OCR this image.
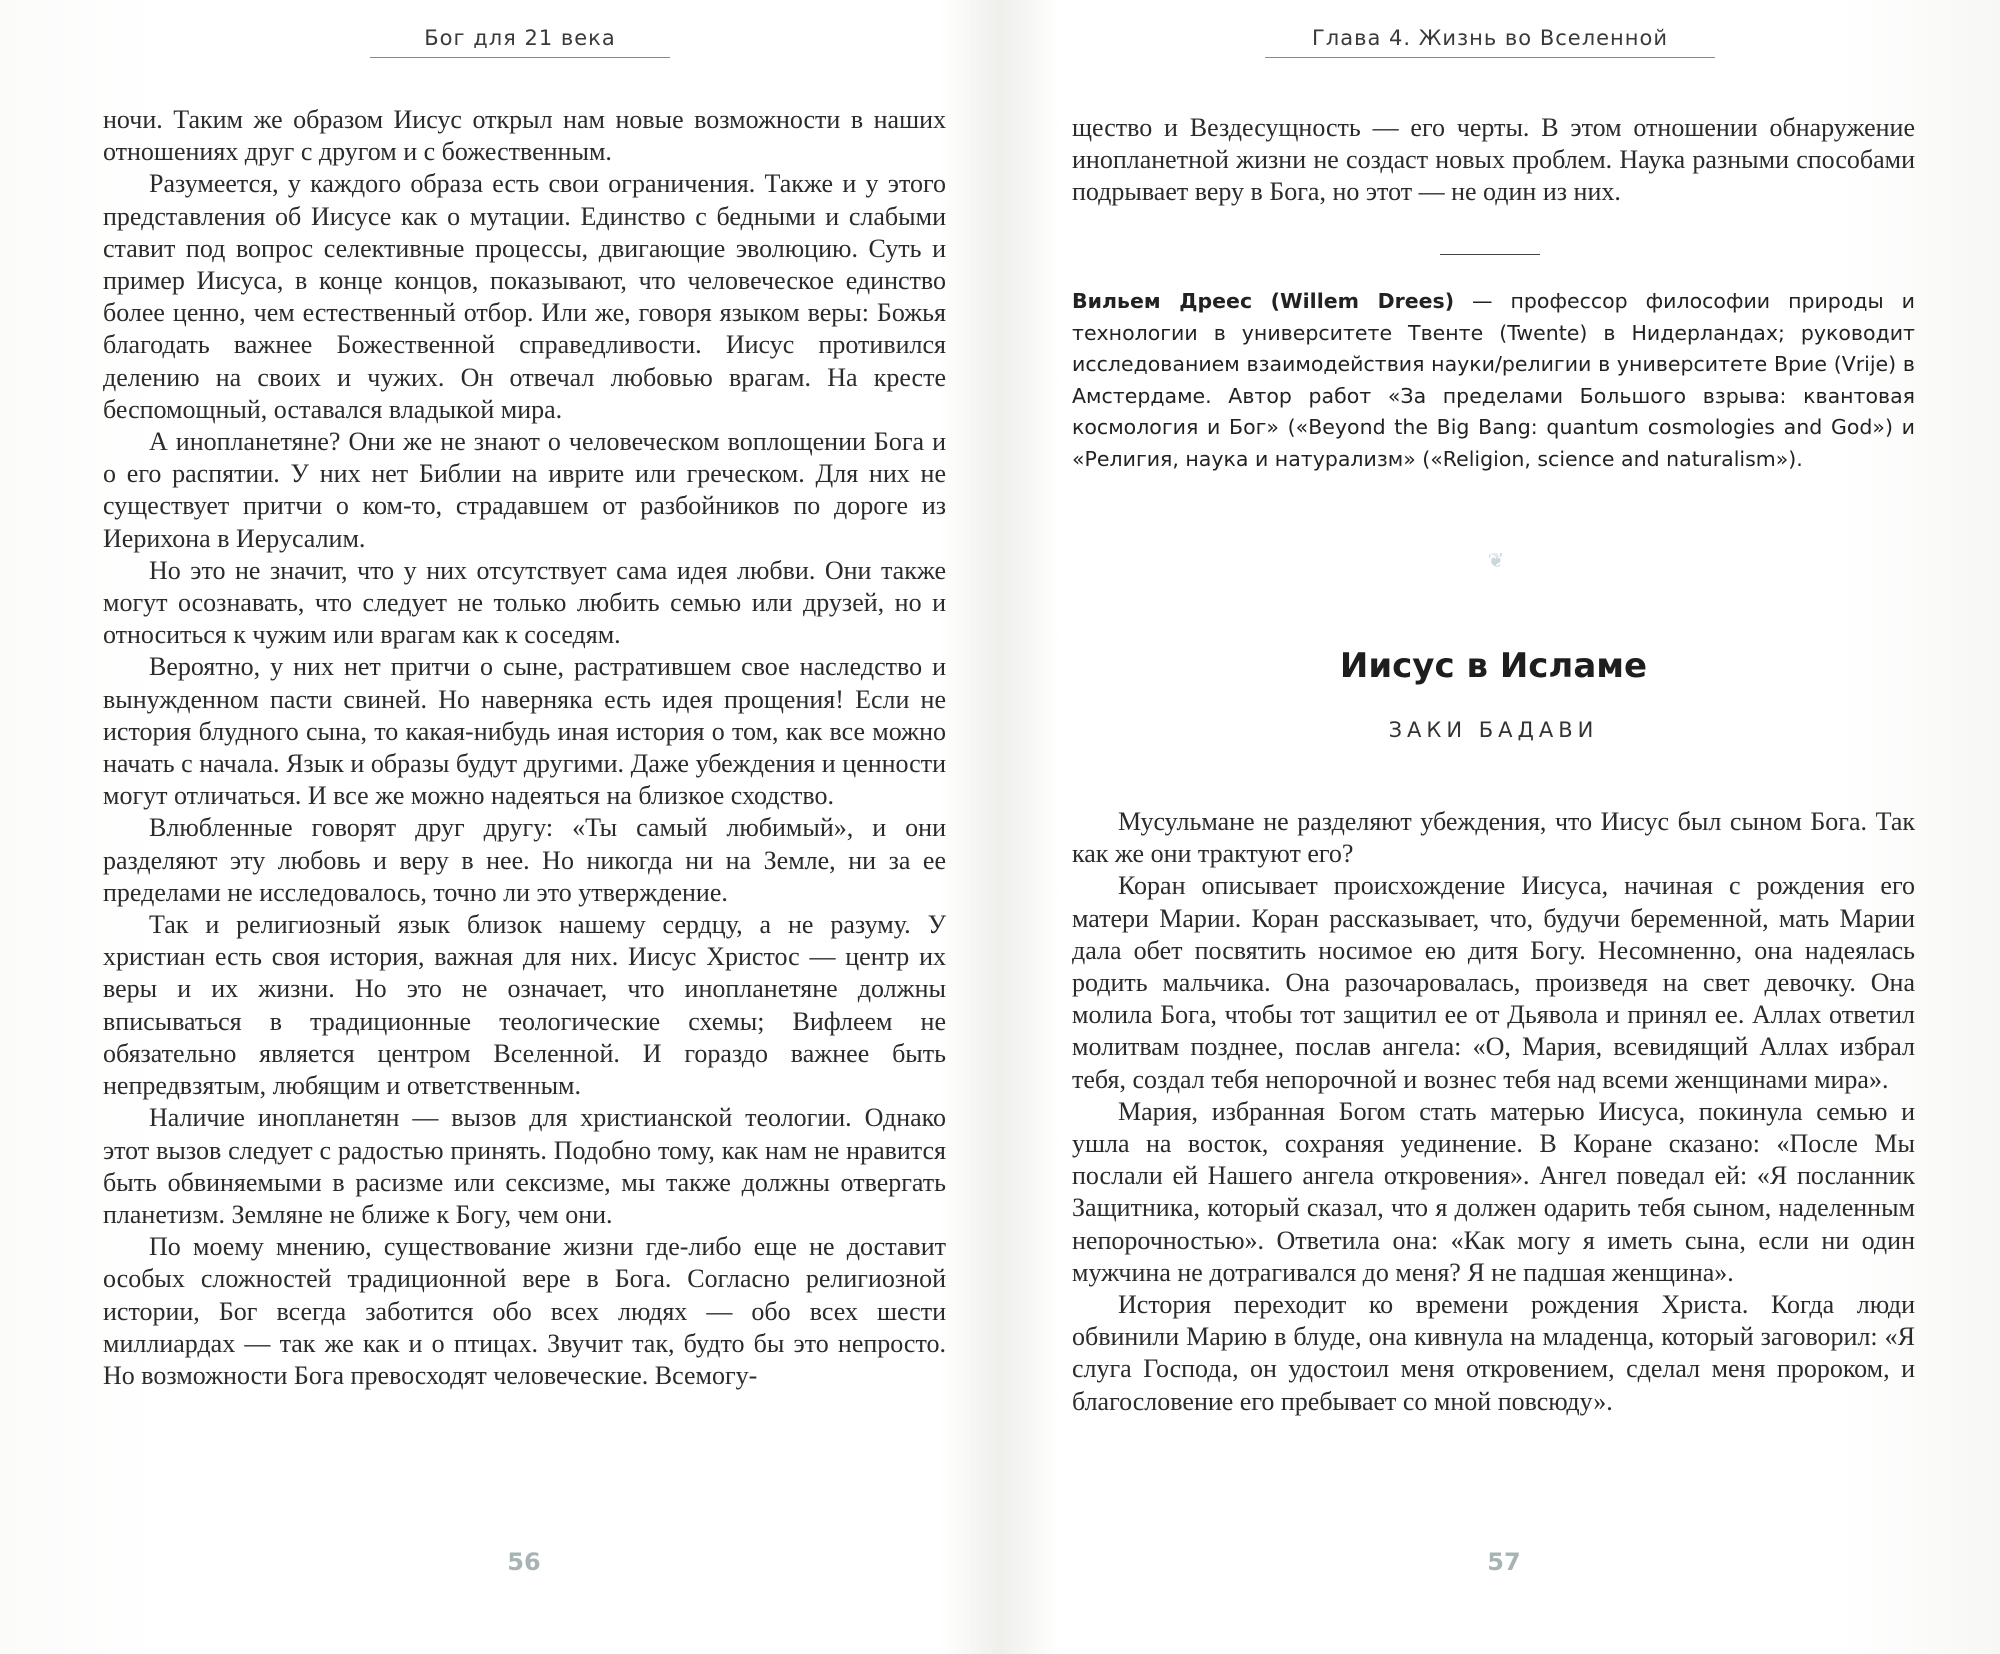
Бог для 21 века

ночи. Таким же образом Иисус открыл нам новые возможности в наших отношениях друг с другом и с божественным.

Разумеется, у каждого образа есть свои ограничения. Также и у этого представления об Иисусе как о мутации. Единство с бедными и слабыми ставит под вопрос селективные процессы, двигающие эволюцию. Суть и пример Иисуса, в конце концов, показывают, что человеческое единство более ценно, чем естественный отбор. Или же, говоря языком веры: Божья благодать важнее Божественной справедливости. Иисус противился делению на своих и чужих. Он отвечал любовью врагам. На кресте беспомощный, оставался владыкой мира.

А инопланетяне? Они же не знают о человеческом воплощении Бога и о его распятии. У них нет Библии на иврите или греческом. Для них не существует притчи о ком-то, страдавшем от разбойников по дороге из Иерихона в Иерусалим.

Но это не значит, что у них отсутствует сама идея любви. Они также могут осознавать, что следует не только любить семью или друзей, но и относиться к чужим или врагам как к соседям.

Вероятно, у них нет притчи о сыне, растратившем свое наследство и вынужденном пасти свиней. Но наверняка есть идея прощения! Если не история блудного сына, то какая-нибудь иная история о том, как все можно начать с начала. Язык и образы будут другими. Даже убеждения и ценности могут отличаться. И все же можно надеяться на близкое сходство.

Влюбленные говорят друг другу: «Ты самый любимый», и они разделяют эту любовь и веру в нее. Но никогда ни на Земле, ни за ее пределами не исследовалось, точно ли это утверждение.

Так и религиозный язык близок нашему сердцу, а не разуму. У христиан есть своя история, важная для них. Иисус Христос — центр их веры и их жизни. Но это не означает, что инопланетяне должны вписываться в традиционные теологические схемы; Вифлеем не обязательно является центром Вселенной. И гораздо важнее быть непредвзятым, любящим и ответственным.

Наличие инопланетян — вызов для христианской теологии. Однако этот вызов следует с радостью принять. Подобно тому, как нам не нравится быть обвиняемыми в расизме или сексизме, мы также должны отвергать планетизм. Земляне не ближе к Богу, чем они.

По моему мнению, существование жизни где-либо еще не доставит особых сложностей традиционной вере в Бога. Согласно религиозной истории, Бог всегда заботится обо всех людях — обо всех шести миллиардах — так же как и о птицах. Звучит так, будто бы это непросто. Но возможности Бога превосходят человеческие. Всемогу-

56
Глава 4. Жизнь во Вселенной

щество и Вездесущность — его черты. В этом отношении обнаружение инопланетной жизни не создаст новых проблем. Наука разными способами подрывает веру в Бога, но этот — не один из них.

Вильем Дреес (Willem Drees) — профессор философии природы и технологии в университете Твенте (Twente) в Нидерландах; руководит исследованием взаимодействия науки/религии в университете Врие (Vrije) в Амстердаме. Автор работ «За пределами Большого взрыва: квантовая космология и Бог» («Beyond the Big Bang: quantum cosmologies and God») и «Религия, наука и натурализм» («Religion, science and naturalism»).
❦
Иисус в Исламе
ЗАКИ БАДАВИ

Мусульмане не разделяют убеждения, что Иисус был сыном Бога. Так как же они трактуют его?

Коран описывает происхождение Иисуса, начиная с рождения его матери Марии. Коран рассказывает, что, будучи беременной, мать Марии дала обет посвятить носимое ею дитя Богу. Несомненно, она надеялась родить мальчика. Она разочаровалась, произведя на свет девочку. Она молила Бога, чтобы тот защитил ее от Дьявола и принял ее. Аллах ответил молитвам позднее, послав ангела: «О, Мария, всевидящий Аллах избрал тебя, создал тебя непорочной и вознес тебя над всеми женщинами мира».

Мария, избранная Богом стать матерью Иисуса, покинула семью и ушла на восток, сохраняя уединение. В Коране сказано: «После Мы послали ей Нашего ангела откровения». Ангел поведал ей: «Я посланник Защитника, который сказал, что я должен одарить тебя сыном, наделенным непорочностью». Ответила она: «Как могу я иметь сына, если ни один мужчина не дотрагивался до меня? Я не падшая женщина».

История переходит ко времени рождения Христа. Когда люди обвинили Марию в блуде, она кивнула на младенца, который заговорил: «Я слуга Господа, он удостоил меня откровением, сделал меня пророком, и благословение его пребывает со мной повсюду».

57
